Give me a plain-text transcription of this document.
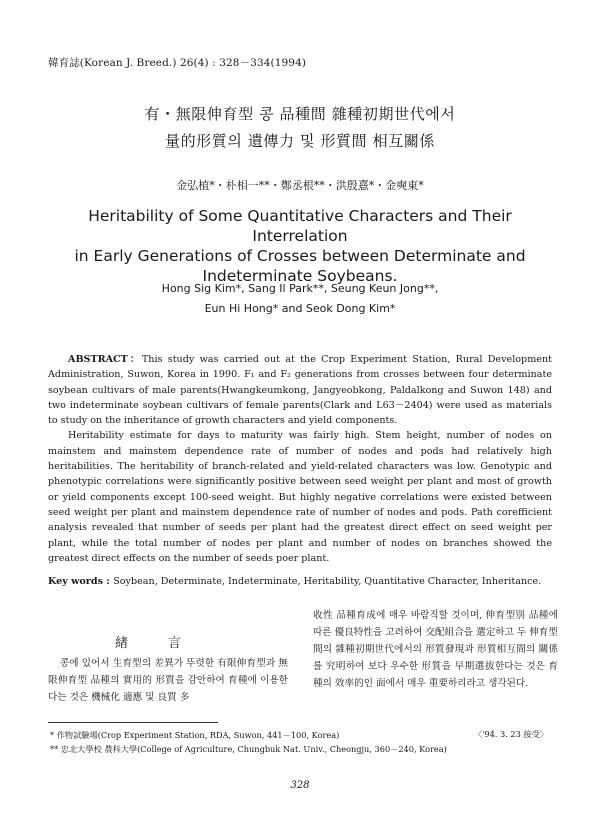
韓育誌(Korean J. Breed.) 26(4) : 328－334(1994)
有・無限伸育型 콩 品種間 雜種初期世代에서
量的形質의 遺傳力 및 形質間 相互關係
金弘植*・朴相一**・鄭丞根**・洪殷憙*・金奭東*
Heritability of Some Quantitative Characters and Their Interrelation
in Early Generations of Crosses between Determinate and
Indeterminate Soybeans.
Hong Sig Kim*, Sang Il Park**, Seung Keun Jong**,
Eun Hi Hong* and Seok Dong Kim*

ABSTRACT：This study was carried out at the Crop Experiment Station, Rural Development Administration, Suwon, Korea in 1990. F₁ and F₂ generations from crosses between four determinate soybean cultivars of male parents(Hwangkeumkong, Jangyeobkong, Paldalkong and Suwon 148) and two indeterminate soybean cultivars of female parents(Clark and L63－2404) were used as materials to study on the inheritance of growth characters and yield components.

Heritability estimate for days to maturity was fairly high. Stem height, number of nodes on mainstem and mainstem dependence rate of number of nodes and pods had relatively high heritabilities. The heritability of branch-related and yield-related characters was low. Genotypic and phenotypic correlations were significantly positive between seed weight per plant and most of growth or yield components except 100-seed weight. But highly negative correlations were existed between seed weight per plant and mainstem dependence rate of number of nodes and pods. Path corefficient analysis revealed that number of seeds per plant had the greatest direct effect on seed weight per plant, while the total number of nodes per plant and number of nodes on branches showed the greatest direct effects on the number of seeds poer plant.

Key words : Soybean, Determinate, Indeterminate, Heritability, Quantitative Character, Inheritance.
緖言

콩에 있어서 生育型의 差異가 뚜렷한 有限伸育型과 無限伸育型 品種의 實用的 形質을 감안하여 育種에 이용한다는 것은 機械化 適應 및 良質 多

收性 品種育成에 매우 바람직할 것이며, 伸育型別 品種에 따른 優良特性을 고려하여 交配組合을 選定하고 두 伸育型間의 雜種初期世代에서의 形質發現과 形質相互間의 關係를 究明하여 보다 우수한 形質을 早期選拔한다는 것은 育種의 效率的인 面에서 매우 重要하리라고 생각된다.

* 作物試驗場(Crop Experiment Station, RDA, Suwon, 441－100, Korea)
** 忠北大學校 農科大學(College of Agriculture, Chungbuk Nat. Univ., Cheongju, 360－240, Korea)
〈'94. 3. 23 接受〉
328
